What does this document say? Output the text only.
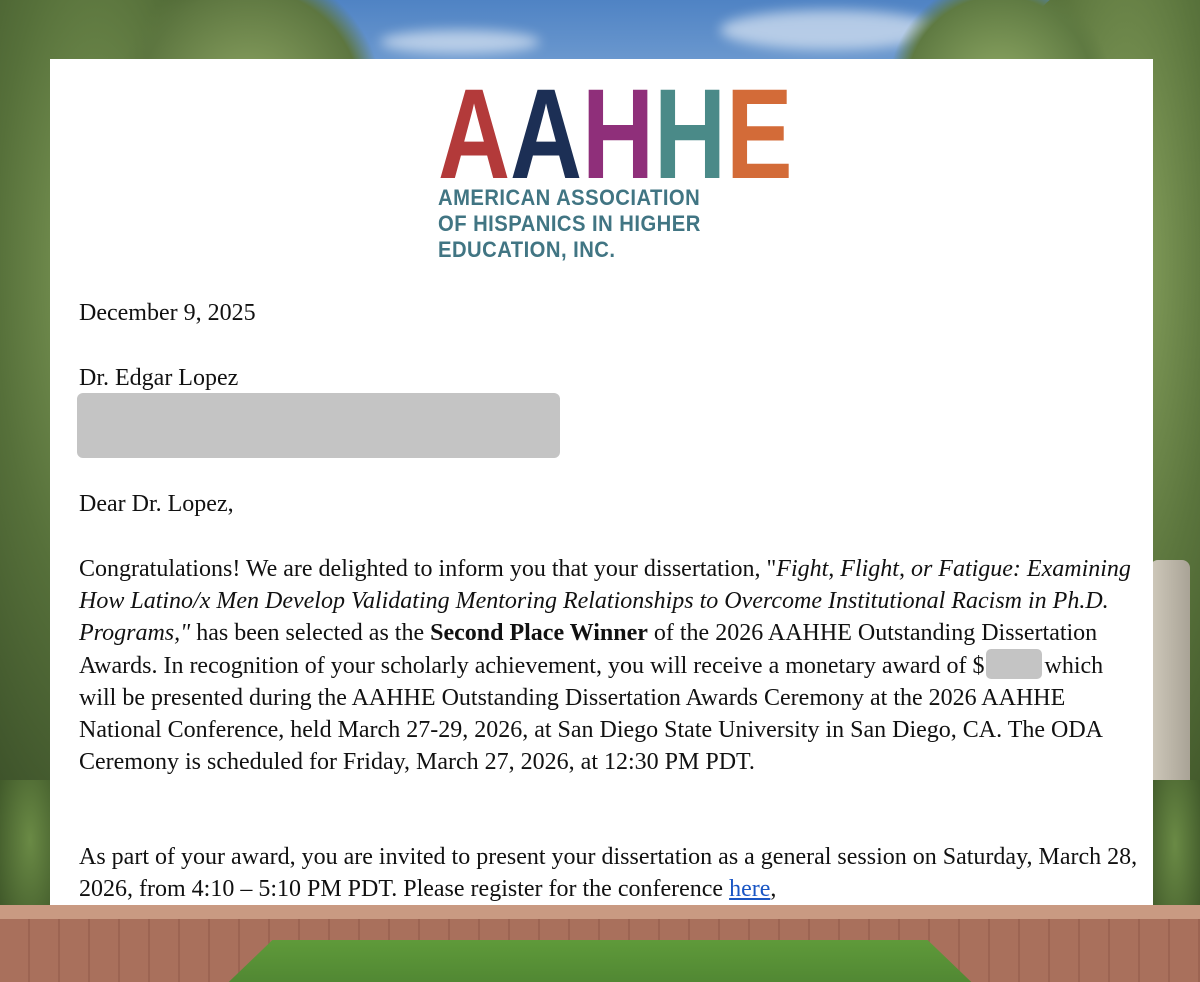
A A H H E
AMERICAN ASSOCIATION
OF HISPANICS IN HIGHER
EDUCATION, INC.

December 9, 2025

Dr. Edgar Lopez

Dear Dr. Lopez,

Congratulations! We are delighted to inform you that your dissertation, "Fight, Flight, or Fatigue: Examining How Latino/x Men Develop Validating Mentoring Relationships to Overcome Institutional Racism in Ph.D. Programs," has been selected as the Second Place Winner of the 2026 AAHHE Outstanding Dissertation Awards. In recognition of your scholarly achievement, you will receive a monetary award of $	which will be presented during the AAHHE Outstanding Dissertation Awards Ceremony at the 2026 AAHHE National Conference, held March 27-29, 2026, at San Diego State University in San Diego, CA. The ODA Ceremony is scheduled for Friday, March 27, 2026, at 12:30 PM PDT.

As part of your award, you are invited to present your dissertation as a general session on Saturday, March 28, 2026, from 4:10 – 5:10 PM PDT. Please register for the conference here,
